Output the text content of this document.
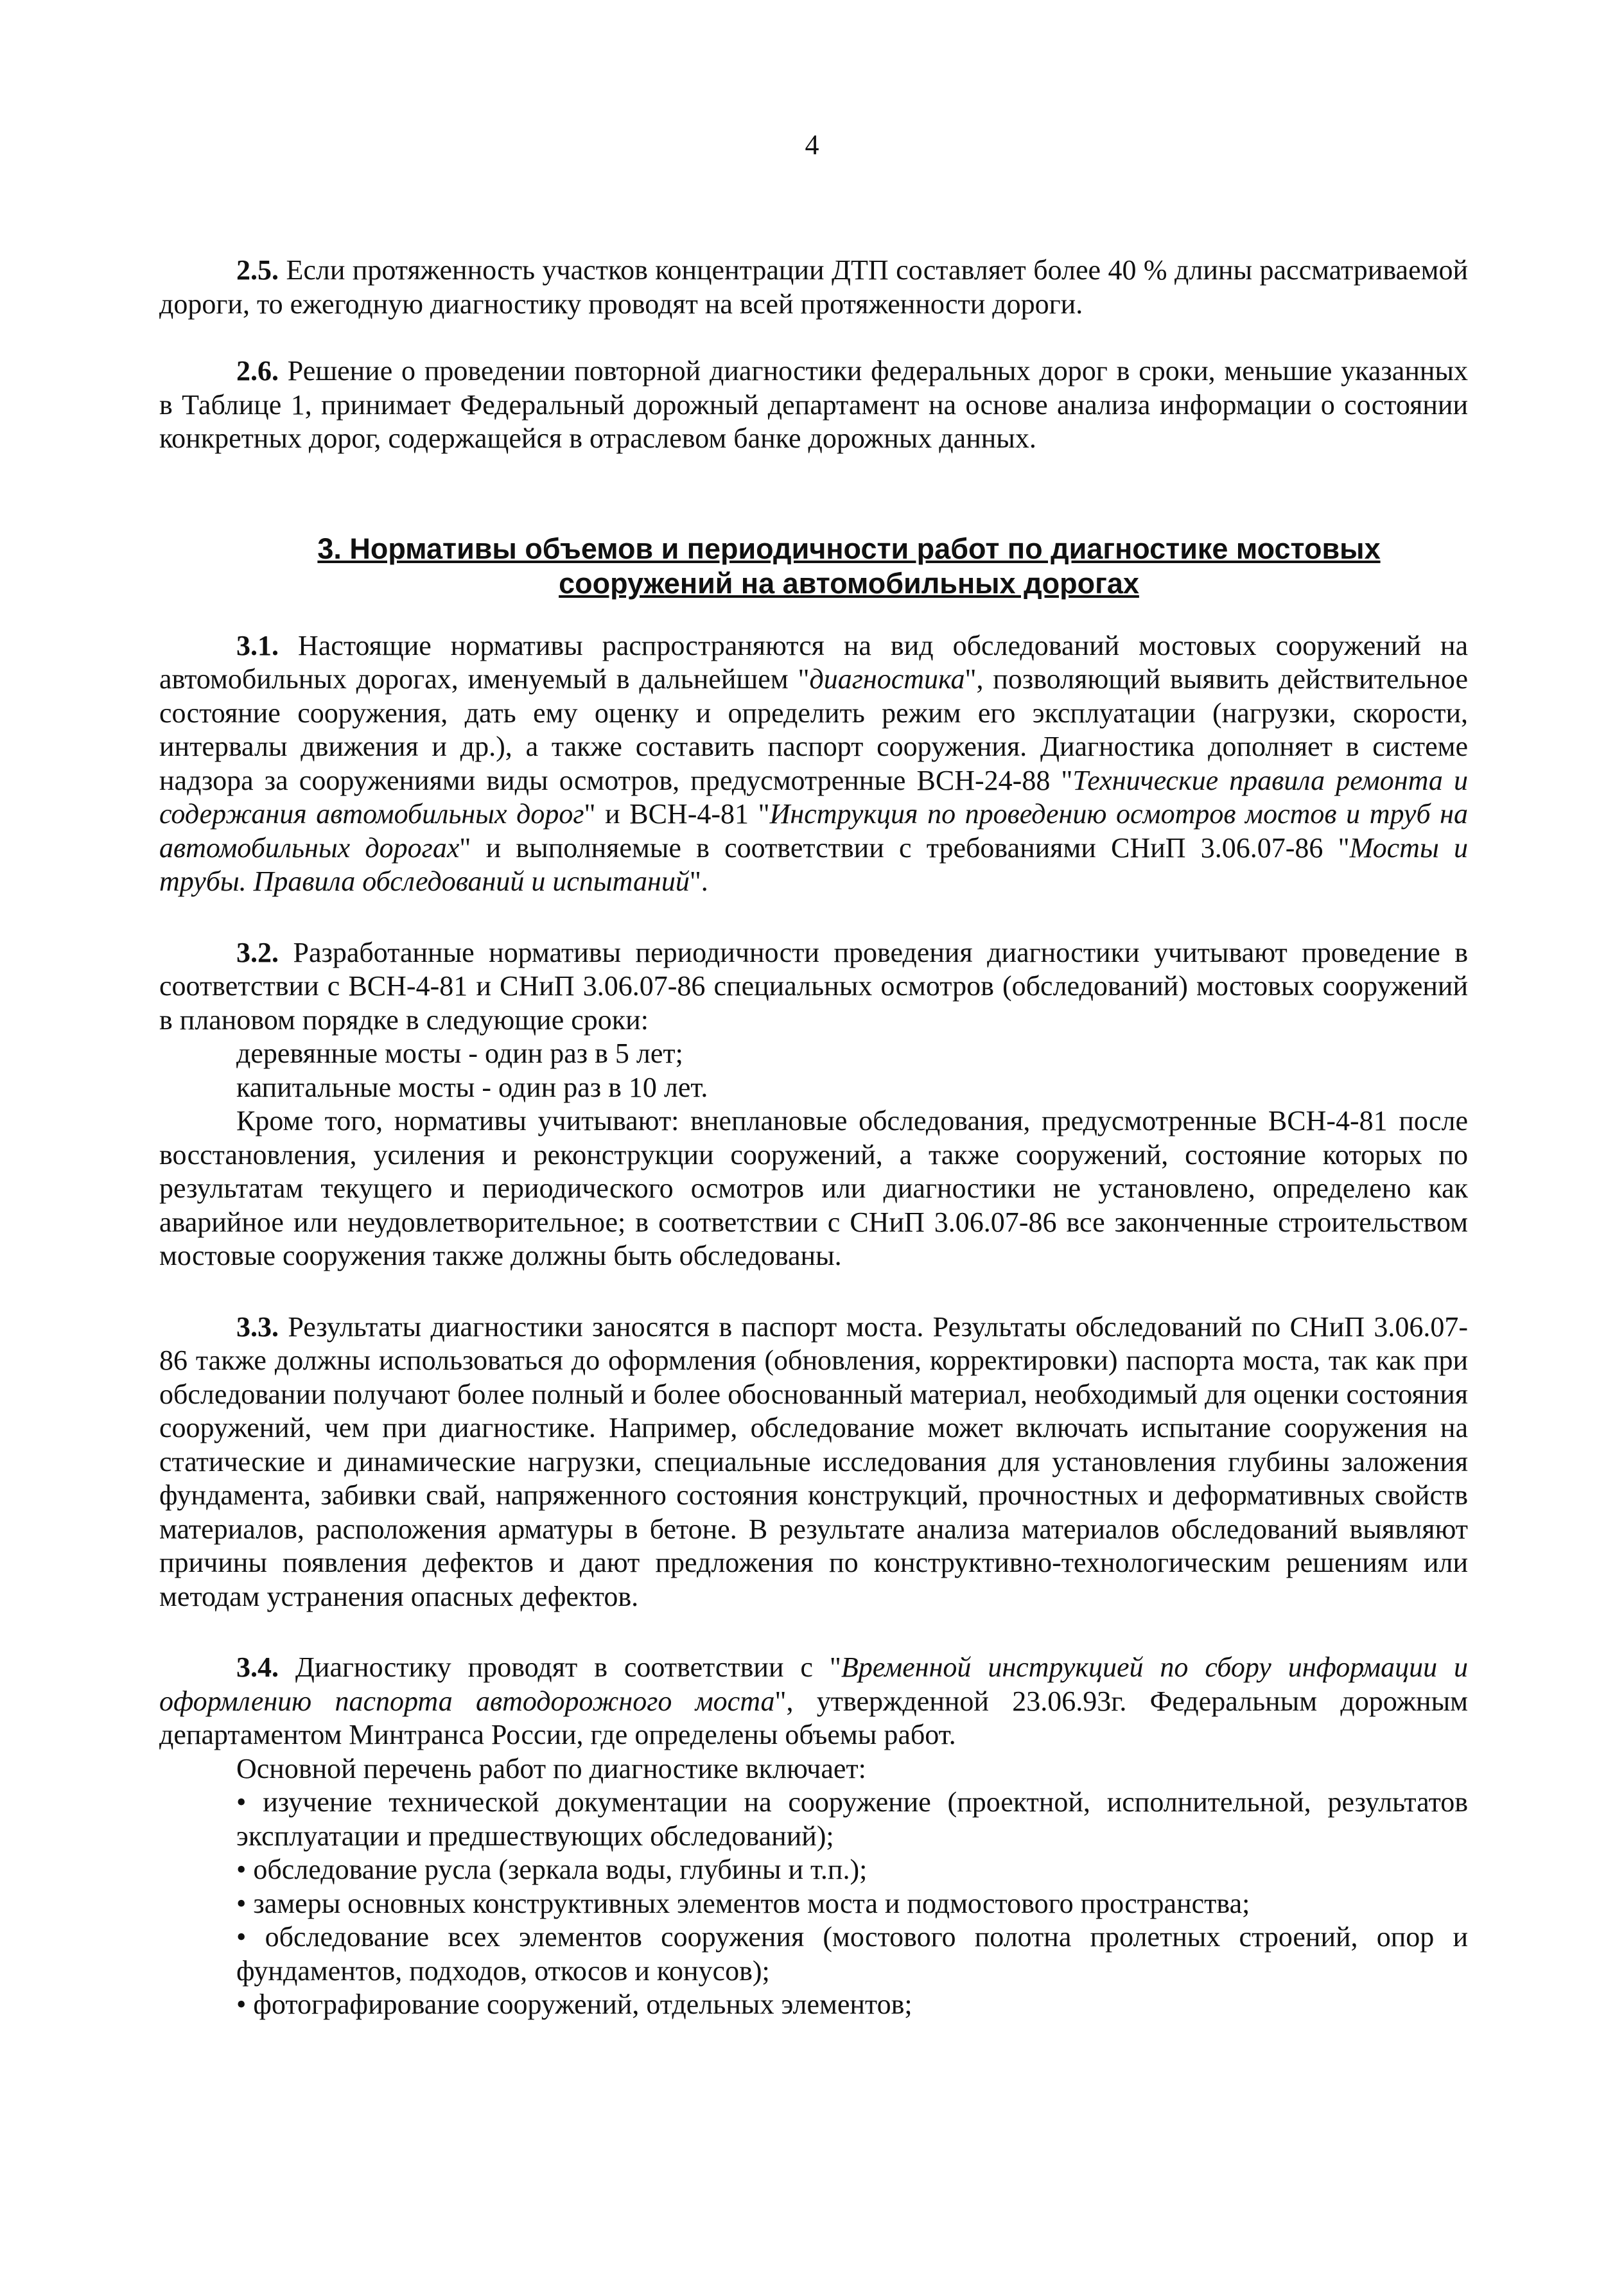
4

2.5. Если протяженность участков концентрации ДТП составляет более 40 % длины рассматриваемой дороги, то ежегодную диагностику проводят на всей протяженности дороги.

2.6. Решение о проведении повторной диагностики федеральных дорог в сроки, меньшие указанных в Таблице 1, принимает Федеральный дорожный департамент на основе анализа информации о состоянии конкретных дорог, содержащейся в отраслевом банке дорожных данных.

3. Нормативы объемов и периодичности работ по диагностике мостовых сооружений на автомобильных дорогах

3.1. Настоящие нормативы распространяются на вид обследований мостовых сооружений на автомобильных дорогах, именуемый в дальнейшем "диагностика", позволяющий выявить действительное состояние сооружения, дать ему оценку и определить режим его эксплуатации (нагрузки, скорости, интервалы движения и др.), а также составить паспорт сооружения. Диагностика дополняет в системе надзора за сооружениями виды осмотров, предусмотренные ВСН-24-88 "Технические правила ремонта и содержания автомобильных дорог" и ВСН-4-81 "Инструкция по проведению осмотров мостов и труб на автомобильных дорогах" и выполняемые в соответствии с требованиями СНиП 3.06.07-86 "Мосты и трубы. Правила обследований и испытаний".

3.2. Разработанные нормативы периодичности проведения диагностики учитывают проведение в соответствии с ВСН-4-81 и СНиП 3.06.07-86 специальных осмотров (обследований) мостовых сооружений в плановом порядке в следующие сроки:

деревянные мосты - один раз в 5 лет;

капитальные мосты - один раз в 10 лет.

Кроме того, нормативы учитывают: внеплановые обследования, предусмотренные ВСН-4-81 после восстановления, усиления и реконструкции сооружений, а также сооружений, состояние которых по результатам текущего и периодического осмотров или диагностики не установлено, определено как аварийное или неудовлетворительное; в соответствии с СНиП 3.06.07-86 все законченные строительством мостовые сооружения также должны быть обследованы.

3.3. Результаты диагностики заносятся в паспорт моста. Результаты обследований по СНиП 3.06.07-86 также должны использоваться до оформления (обновления, корректировки) паспорта моста, так как при обследовании получают более полный и более обоснованный материал, необходимый для оценки состояния сооружений, чем при диагностике. Например, обследование может включать испытание сооружения на статические и динамические нагрузки, специальные исследования для установления глубины заложения фундамента, забивки свай, напряженного состояния конструкций, прочностных и деформативных свойств материалов, расположения арматуры в бетоне. В результате анализа материалов обследований выявляют причины появления дефектов и дают предложения по конструктивно-технологическим решениям или методам устранения опасных дефектов.

3.4. Диагностику проводят в соответствии с "Временной инструкцией по сбору информации и оформлению паспорта автодорожного моста", утвержденной 23.06.93г. Федеральным дорожным департаментом Минтранса России, где определены объемы работ.

Основной перечень работ по диагностике включает:

• изучение технической документации на сооружение (проектной, исполнительной, результатов эксплуатации и предшествующих обследований);

• обследование русла (зеркала воды, глубины и т.п.);

• замеры основных конструктивных элементов моста и подмостового пространства;

• обследование всех элементов сооружения (мостового полотна пролетных строений, опор и фундаментов, подходов, откосов и конусов);

• фотографирование сооружений, отдельных элементов;
